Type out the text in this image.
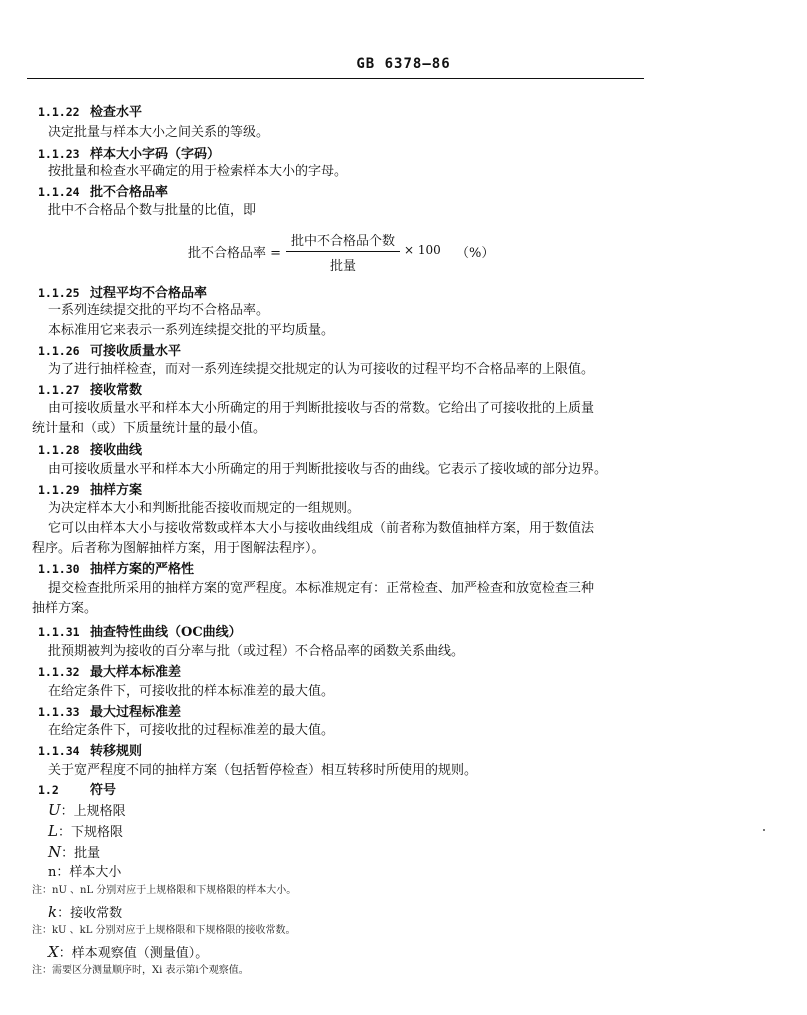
GB 6378—86
1.1.22 检查水平
决定批量与样本大小之间关系的等级。
1.1.23 样本大小字码（字码）
按批量和检查水平确定的用于检索样本大小的字母。
1.1.24 批不合格品率
批中不合格品个数与批量的比值，即
批不合格品率 =
批中不合格品个数
批量
× 100 （%）
1.1.25 过程平均不合格品率
一系列连续提交批的平均不合格品率。
本标准用它来表示一系列连续提交批的平均质量。
1.1.26 可接收质量水平
为了进行抽样检查，而对一系列连续提交批规定的认为可接收的过程平均不合格品率的上限值。
1.1.27 接收常数
由可接收质量水平和样本大小所确定的用于判断批接收与否的常数。它给出了可接收批的上质量
统计量和（或）下质量统计量的最小值。
1.1.28 接收曲线
由可接收质量水平和样本大小所确定的用于判断批接收与否的曲线。它表示了接收域的部分边界。
1.1.29 抽样方案
为决定样本大小和判断批能否接收而规定的一组规则。
它可以由样本大小与接收常数或样本大小与接收曲线组成（前者称为数值抽样方案，用于数值法
程序。后者称为图解抽样方案，用于图解法程序）。
1.1.30 抽样方案的严格性
提交检查批所采用的抽样方案的宽严程度。本标准规定有：正常检查、加严检查和放宽检查三种
抽样方案。
1.1.31 抽查特性曲线（OC曲线）
批预期被判为接收的百分率与批（或过程）不合格品率的函数关系曲线。
1.1.32 最大样本标准差
在给定条件下，可接收批的样本标准差的最大值。
1.1.33 最大过程标准差
在给定条件下，可接收批的过程标准差的最大值。
1.1.34 转移规则
关于宽严程度不同的抽样方案（包括暂停检查）相互转移时所使用的规则。
1.2 符号
U：上规格限
L：下规格限
N：批量
n：样本大小
注：nU 、nL 分别对应于上规格限和下规格限的样本大小。
k：接收常数
注：kU 、kL 分别对应于上规格限和下规格限的接收常数。
X：样本观察值（测量值）。
注：需要区分测量顺序时，Xi 表示第i个观察值。
